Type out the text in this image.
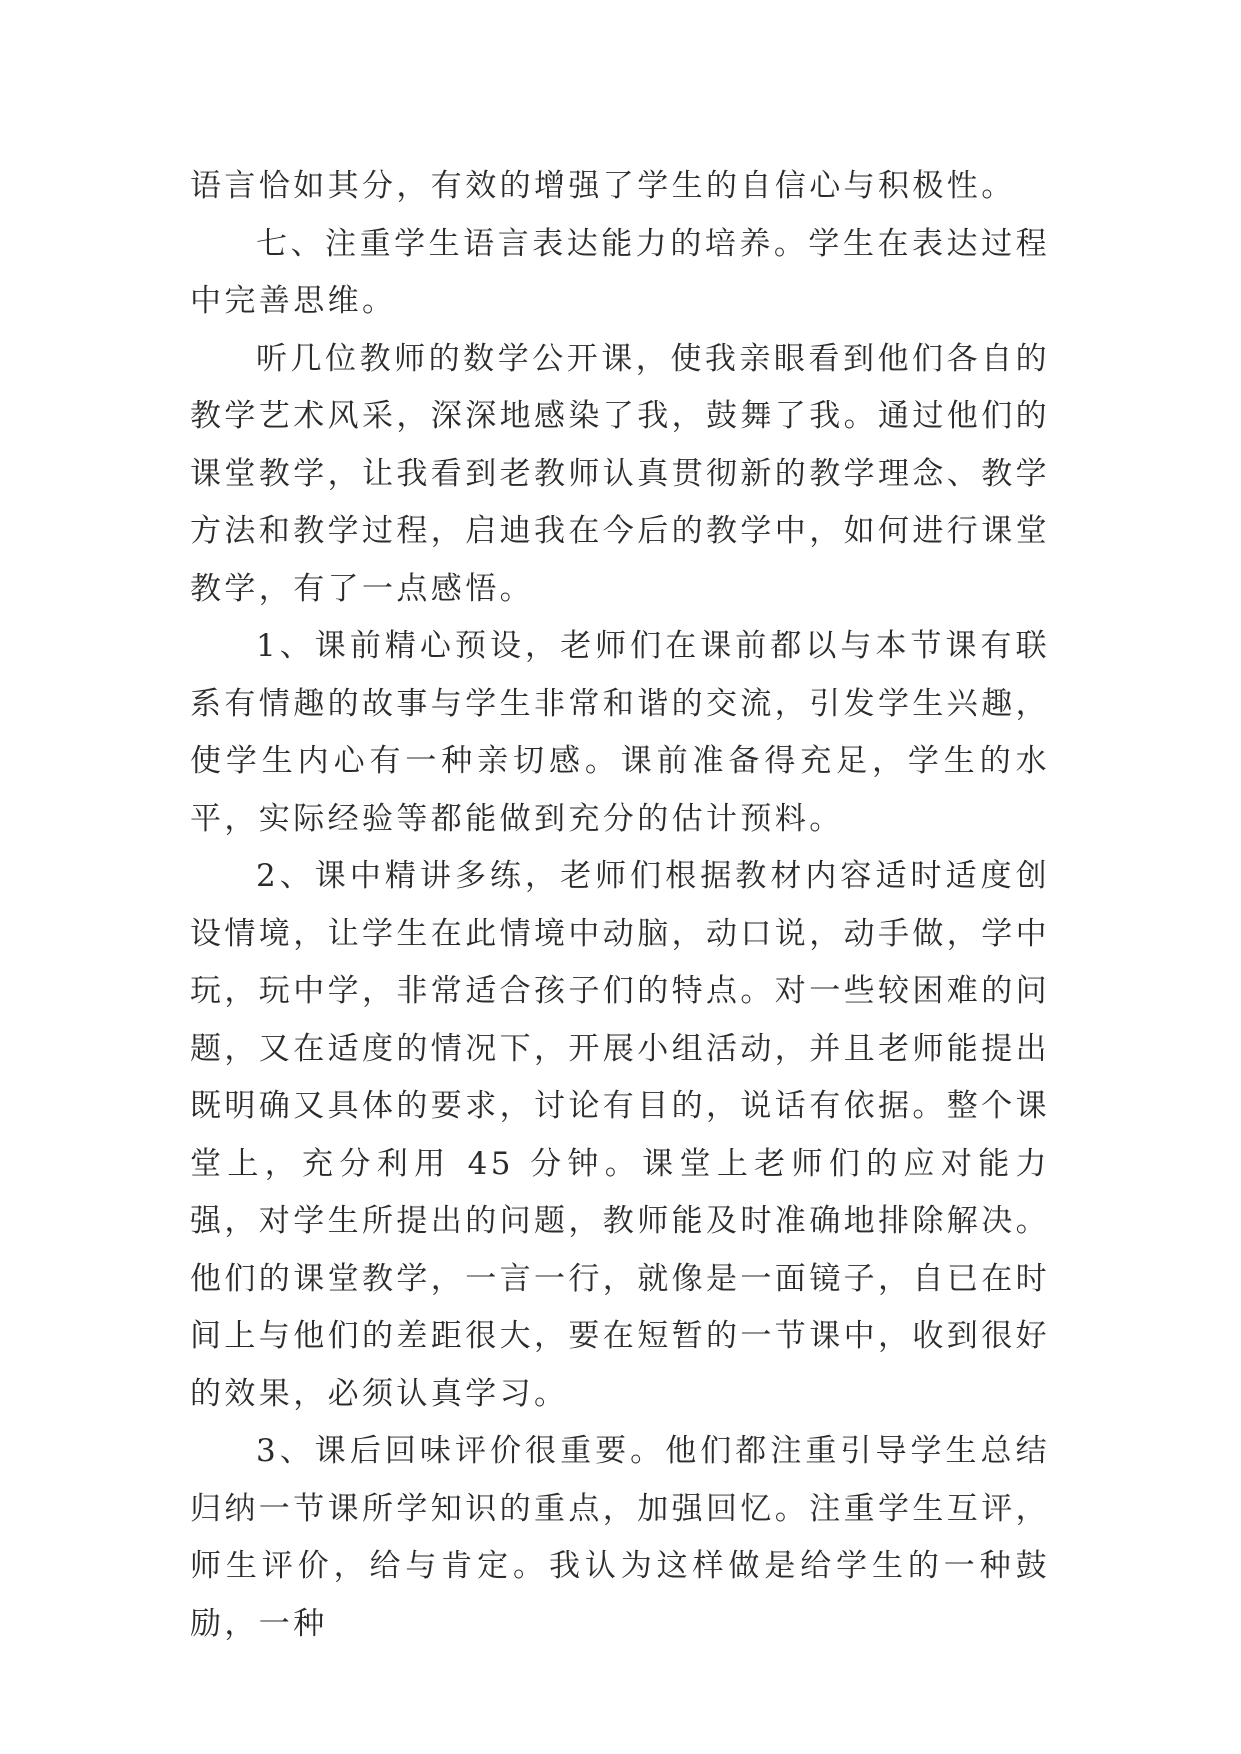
语言恰如其分，有效的增强了学生的自信心与积极性。

七、注重学生语言表达能力的培养。学生在表达过程中完善思维。

听几位教师的数学公开课，使我亲眼看到他们各自的教学艺术风采，深深地感染了我，鼓舞了我。通过他们的课堂教学，让我看到老教师认真贯彻新的教学理念、教学方法和教学过程，启迪我在今后的教学中，如何进行课堂教学，有了一点感悟。

1、课前精心预设，老师们在课前都以与本节课有联系有情趣的故事与学生非常和谐的交流，引发学生兴趣，使学生内心有一种亲切感。课前准备得充足，学生的水平，实际经验等都能做到充分的估计预料。

2、课中精讲多练，老师们根据教材内容适时适度创设情境，让学生在此情境中动脑，动口说，动手做，学中玩，玩中学，非常适合孩子们的特点。对一些较困难的问题，又在适度的情况下，开展小组活动，并且老师能提出既明确又具体的要求，讨论有目的，说话有依据。整个课堂上，充分利用 45 分钟。课堂上老师们的应对能力强，对学生所提出的问题，教师能及时准确地排除解决。他们的课堂教学，一言一行，就像是一面镜子，自已在时间上与他们的差距很大，要在短暂的一节课中，收到很好的效果，必须认真学习。

3、课后回味评价很重要。他们都注重引导学生总结归纳一节课所学知识的重点，加强回忆。注重学生互评，师生评价，给与肯定。我认为这样做是给学生的一种鼓励，一种
